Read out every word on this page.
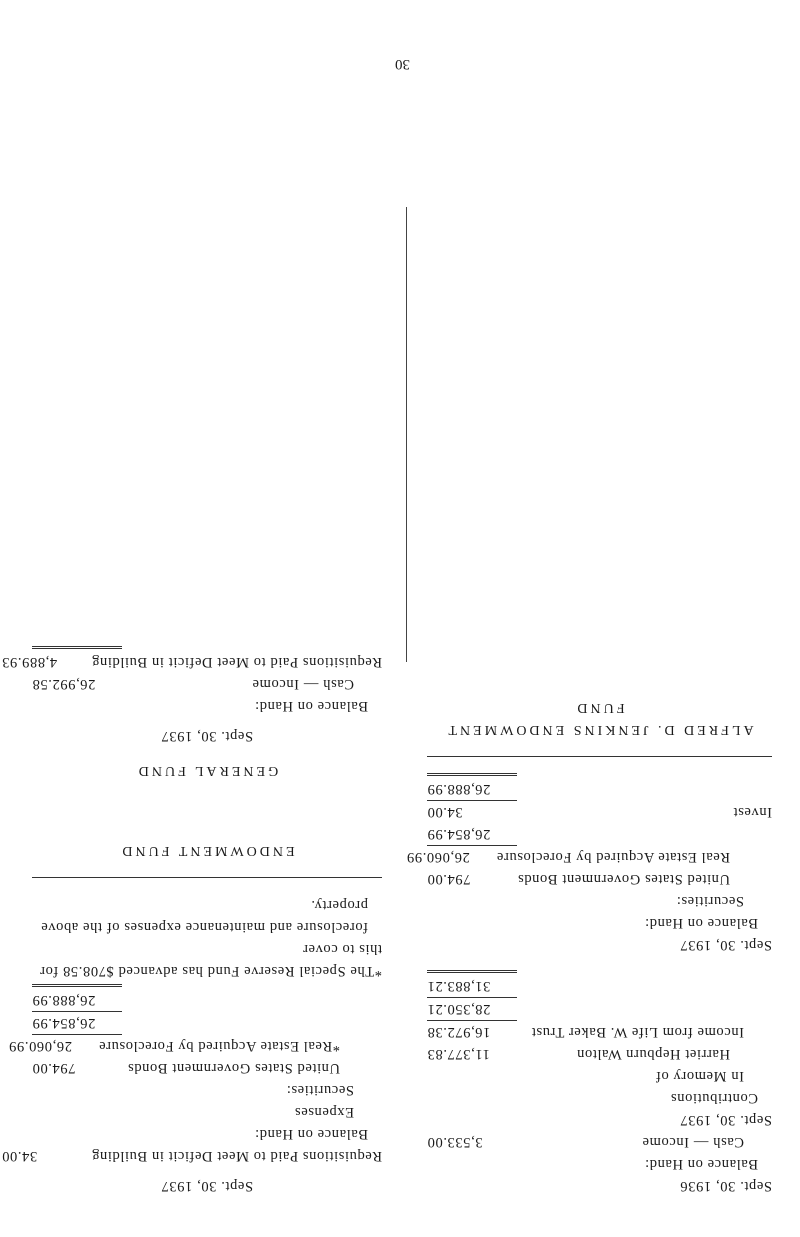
Sept. 30, 1936
Balance on Hand:
Cash — Income
3,533.00
Sept. 30, 1937
Contributions
In Memory of
Harriet Hepburn Walton
11,377.83
Income from Life W. Baker Trust
16,972.38
28,350.21
31,883.21
Sept. 30, 1937
Balance on Hand:
Securities:
United States Government Bonds
794.00
Real Estate Acquired by Foreclosure
26,060.99
26,854.99
Invest
34.00
26,888.99
ALFRED D. JENKINS ENDOWMENT FUND
Sept. 30, 1937
Requisitions Paid to Meet Deficit in Building
34.00
Balance on Hand:
Expenses
Securities:
United States Government Bonds
794.00
*Real Estate Acquired by Foreclosure
26,060.99
26,854.99
26,888.99
*The Special Reserve Fund has advanced $708.58 for this to cover
foreclosure and maintenance expenses of the above property.
ENDOWMENT FUND
GENERAL FUND
Sept. 30, 1937
Balance on Hand:
Cash — Income
26,992.58
Requisitions Paid to Meet Deficit in Building
4,889.93
30
